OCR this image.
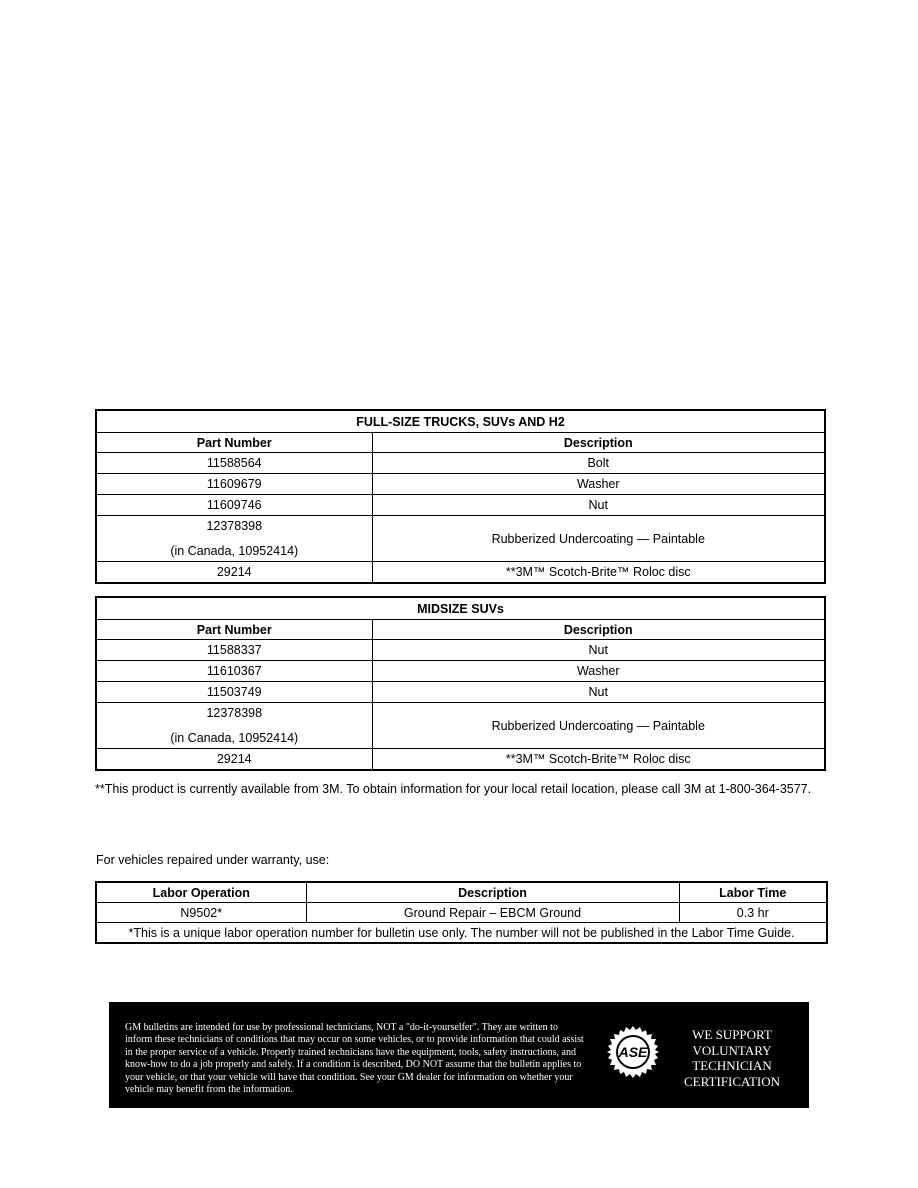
FULL-SIZE TRUCKS, SUVs AND H2	
Part Number	Description
11588564	Bolt
11609679	Washer
11609746	Nut

12378398
(in Canada, 10952414)	Rubberized Undercoating — Paintable
29214	**3M™ Scotch-Brite™ Roloc disc
MIDSIZE SUVs	
Part Number	Description
11588337	Nut
11610367	Washer
11503749	Nut

12378398
(in Canada, 10952414)	Rubberized Undercoating — Paintable
29214	**3M™ Scotch-Brite™ Roloc disc
**This product is currently available from 3M. To obtain information for your local retail location, please call 3M at 1-800-364-3577.
For vehicles repaired under warranty, use:
Labor Operation	Description	Labor Time
N9502*	Ground Repair – EBCM Ground	0.3 hr
*This is a unique labor operation number for bulletin use only. The number will not be published in the Labor Time Guide.		
GM bulletins are intended for use by professional technicians, NOT a "do-it-yourselfer". They are written to
inform these technicians of conditions that may occur on some vehicles, or to provide information that could assist
in the proper service of a vehicle. Properly trained technicians have the equipment, tools, safety instructions, and
know-how to do a job properly and safely. If a condition is described, DO NOT assume that the bulletin applies to
your vehicle, or that your vehicle will have that condition. See your GM dealer for information on whether your
vehicle may benefit from the information.
ASE
WE SUPPORT
VOLUNTARY
TECHNICIAN
CERTIFICATION
